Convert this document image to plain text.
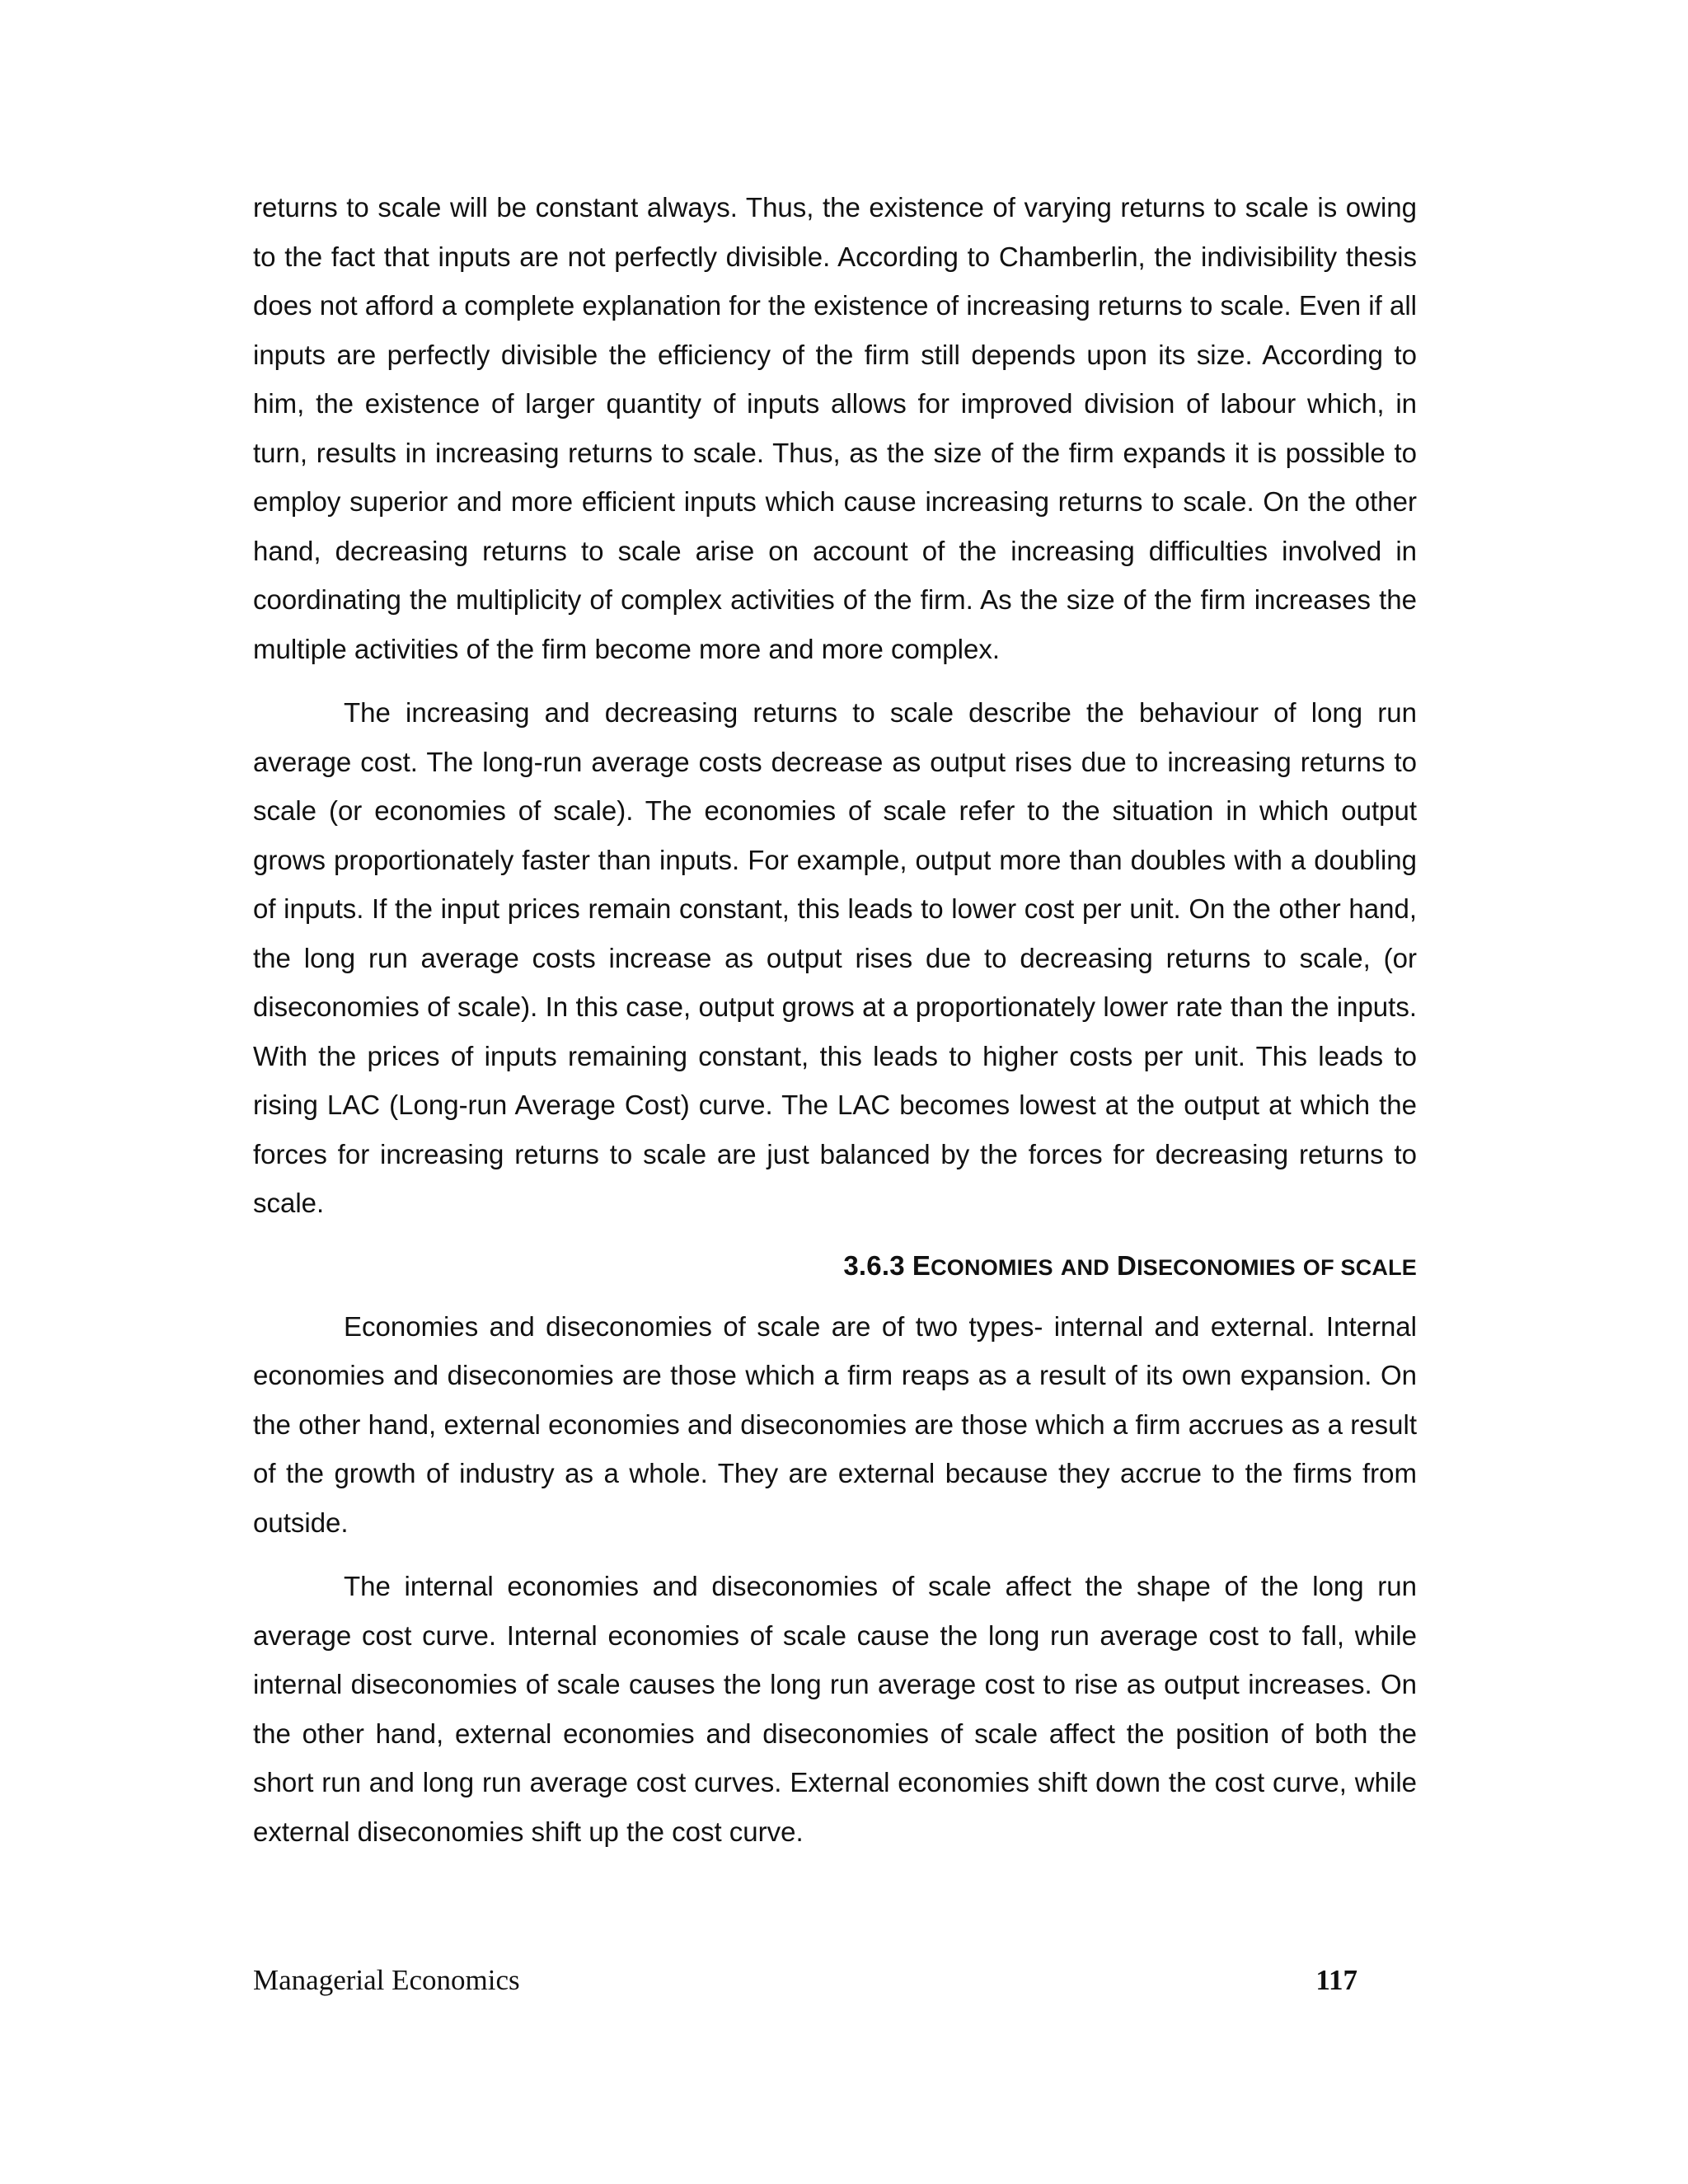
returns to scale will be constant always. Thus, the existence of varying returns to scale is owing to the fact that inputs are not perfectly divisible. According to Chamberlin, the indivisibility thesis does not afford a complete explanation for the existence of increasing returns to scale. Even if all inputs are perfectly divisible the efficiency of the firm still depends upon its size. According to him, the existence of larger quantity of inputs allows for improved division of labour which, in turn, results in increasing returns to scale. Thus, as the size of the firm expands it is possible to employ superior and more efficient inputs which cause increasing returns to scale. On the other hand, decreasing returns to scale arise on account of the increasing difficulties involved in coordinating the multiplicity of complex activities of the firm. As the size of the firm increases the multiple activities of the firm become more and more complex.

The increasing and decreasing returns to scale describe the behaviour of long run average cost. The long-run average costs decrease as output rises due to increasing returns to scale (or economies of scale). The economies of scale refer to the situation in which output grows proportionately faster than inputs. For example, output more than doubles with a doubling of inputs. If the input prices remain constant, this leads to lower cost per unit. On the other hand, the long run average costs increase as output rises due to decreasing returns to scale, (or diseconomies of scale). In this case, output grows at a proportionately lower rate than the inputs. With the prices of inputs remaining constant, this leads to higher costs per unit. This leads to rising LAC (Long-run Average Cost) curve. The LAC becomes lowest at the output at which the forces for increasing returns to scale are just balanced by the forces for decreasing returns to scale.

3.6.3 ECONOMIES AND DISECONOMIES OF SCALE

Economies and diseconomies of scale are of two types- internal and external. Internal economies and diseconomies are those which a firm reaps as a result of its own expansion. On the other hand, external economies and diseconomies are those which a firm accrues as a result of the growth of industry as a whole. They are external because they accrue to the firms from outside.

The internal economies and diseconomies of scale affect the shape of the long run average cost curve. Internal economies of scale cause the long run average cost to fall, while internal diseconomies of scale causes the long run average cost to rise as output increases. On the other hand, external economies and diseconomies of scale affect the position of both the short run and long run average cost curves. External economies shift down the cost curve, while external diseconomies shift up the cost curve.

Managerial Economics	117
